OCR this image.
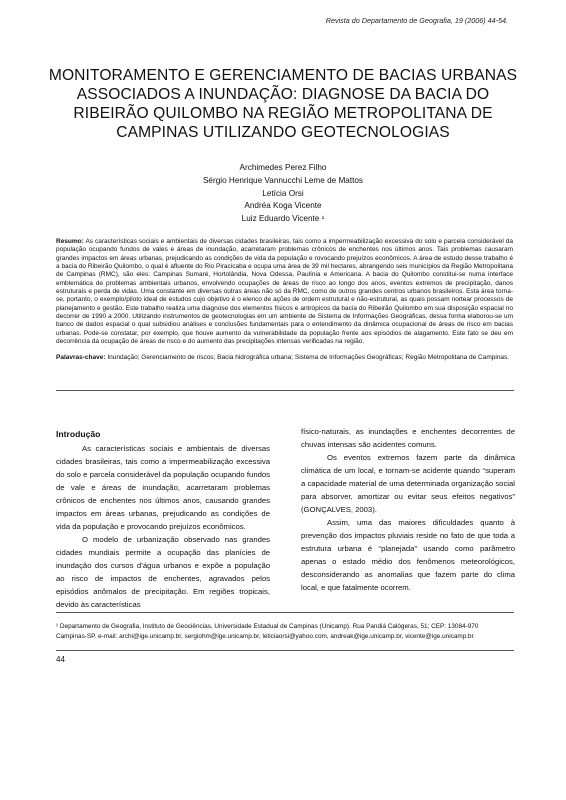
Revista do Departamento de Geografia, 19 (2006) 44-54.
MONITORAMENTO E GERENCIAMENTO DE BACIAS URBANAS ASSOCIADOS A INUNDAÇÃO: DIAGNOSE DA BACIA DO RIBEIRÃO QUILOMBO NA REGIÃO METROPOLITANA DE CAMPINAS UTILIZANDO GEOTECNOLOGIAS
Archimedes Perez Filho
Sérgio Henrique Vannucchi Leme de Mattos
Letícia Orsi
Andréa Koga Vicente
Luiz Eduardo Vicente ¹
Resumo: As características sociais e ambientais de diversas cidades brasileiras, tais como a impermeabilização excessiva do solo e parcela considerável da população ocupando fundos de vales e áreas de inundação, acarretaram problemas crônicos de enchentes nos últimos anos. Tais problemas causaram grandes impactos em áreas urbanas, prejudicando as condições de vida da população e rovocando prejuízos econômicos. A área de estudo desse trabalho é a bacia do Ribeirão Quilombo, o qual é afluente do Rio Piracicaba e ocupa uma área de 39 mil hectares, abrangendo seis municípios da Região Metropolitana de Campinas (RMC), são eles: Campinas Sumaré, Hortolândia, Nova Odessa, Paulínia e Americana. A bacia do Quilombo constitui-se numa interface emblemática de problemas ambientais urbanos, envolvendo ocupações de áreas de risco ao longo dos anos, eventos extremos de precipitação, danos estruturais e perda de vidas. Uma constante em diversas outras áreas não só da RMC, como de outros grandes centros urbanos brasileiros. Esta área torna-se, portanto, o exemplo/piloto ideal de estudos cujo objetivo é o elenco de ações de ordem estrutural e não-estrutural, as quais possam nortear processos de planejamento e gestão. Este trabalho realiza uma diagnose dos elementos físicos e antrópicos da bacia do Ribeirão Quilombo em sua disposição espacial no decorrer de 1990 a 2000. Utilizando instrumentos de geotecnologias em um ambiente de Sistema de Informações Geográficas, dessa forma elaborou-se um banco de dados espacial o qual subsidiou análises e conclusões fundamentais para o entendimento da dinâmica ocupacional de áreas de risco em bacias urbanas. Pode-se constatar, por exemplo, que houve aumento da vulnerabilidade da população frente aos episódios de alagamento. Este fato se deu em decorrência da ocupação de áreas de risco e do aumento das precipitações intensas verificadas na região.
Palavras-chave: Inundação; Gerenciamento de riscos; Bacia hidrográfica urbana; Sistema de Informações Geográficas; Região Metropolitana de Campinas.
Introdução

As características sociais e ambientais de diversas cidades brasileiras, tais como a impermeabilização excessiva do solo e parcela considerável da população ocupando fundos de vale e áreas de inundação, acarretaram problemas crônicos de enchentes nos últimos anos, causando grandes impactos em áreas urbanas, prejudicando as condições de vida da população e provocando prejuízos econômicos.

O modelo de urbanização observado nas grandes cidades mundiais permite a ocupação das planícies de inundação dos cursos d’água urbanos e expõe a população ao risco de impactos de enchentes, agravados pelos episódios anômalos de precipitação. Em regiões tropicais, devido às características

físico-naturais, as inundações e enchentes decorrentes de chuvas intensas são acidentes comuns.

Os eventos extremos fazem parte da dinâmica climática de um local, e tornam-se acidente quando “superam a capacidade material de uma determinada organização social para absorver, amortizar ou evitar seus efeitos negativos” (GONÇALVES, 2003).

Assim, uma das maiores dificuldades quanto à prevenção dos impactos pluviais reside no fato de que toda a estrutura urbana é “planejada” usando como parâmetro apenas o estado médio dos fenômenos meteorológicos, desconsiderando as anomalias que fazem parte do clima local, e que fatalmente ocorrem.

¹ Departamento de Geografia, Instituto de Geociências, Universidade Estadual de Campinas (Unicamp). Rua Pandiá Calógeras, 51; CEP: 13084-970
Campinas-SP. e-mail: archi@ige.unicamp.br, sergiohm@ige.unicamp.br, leticiaorsi@yahoo.com, andreak@ige.unicamp.br, vicente@ige.unicamp.br
44
